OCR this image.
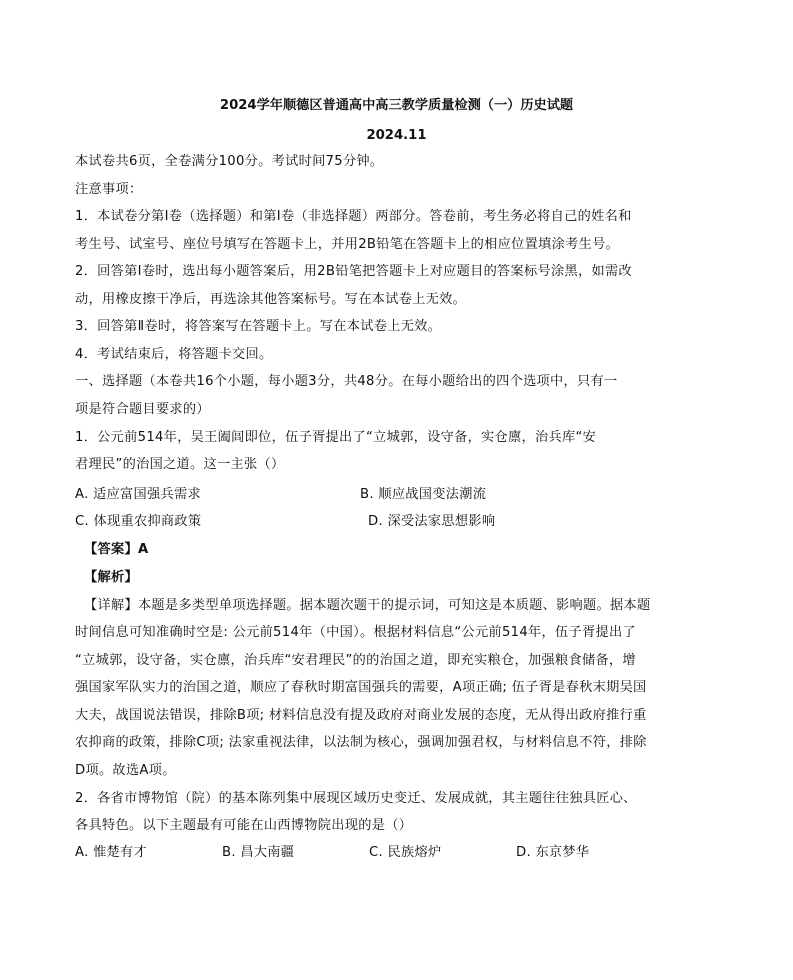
2024学年顺德区普通高中高三教学质量检测（一）历史试题
2024.11
本试卷共6页，全卷满分100分。考试时间75分钟。
注意事项：
1．本试卷分第Ⅰ卷（选择题）和第Ⅰ卷（非选择题）两部分。答卷前，考生务必将自己的姓名和
考生号、试室号、座位号填写在答题卡上，并用2B铅笔在答题卡上的相应位置填涂考生号。
2．回答第Ⅰ卷时，选出每小题答案后，用2B铅笔把答题卡上对应题目的答案标号涂黑，如需改
动，用橡皮擦干净后，再选涂其他答案标号。写在本试卷上无效。
3．回答第Ⅱ卷时，将答案写在答题卡上。写在本试卷上无效。
4．考试结束后，将答题卡交回。
一、选择题（本卷共16个小题，每小题3分，共48分。在每小题给出的四个选项中，只有一
项是符合题目要求的）
1．公元前514年，吴王阖闾即位，伍子胥提出了“立城郭，设守备，实仓廪，治兵库“安
君理民”的治国之道。这一主张（）
A. 适应富国强兵需求	B. 顺应战国变法潮流
C. 体现重农抑商政策	D. 深受法家思想影响
【答案】A
【解析】
【详解】本题是多类型单项选择题。据本题次题干的提示词，可知这是本质题、影响题。据本题
时间信息可知准确时空是: 公元前514年（中国）。根据材料信息“公元前514年，伍子胥提出了
“立城郭，设守备，实仓廪，治兵库“安君理民”的的治国之道，即充实粮仓，加强粮食储备，增
强国家军队实力的治国之道，顺应了春秋时期富国强兵的需要，A项正确; 伍子胥是春秋末期吴国
大夫，战国说法错误，排除B项; 材料信息没有提及政府对商业发展的态度，无从得出政府推行重
农抑商的政策，排除C项; 法家重视法律，以法制为核心，强调加强君权，与材料信息不符，排除
D项。故选A项。
2．各省市博物馆（院）的基本陈列集中展现区域历史变迁、发展成就，其主题往往独具匠心、
各具特色。以下主题最有可能在山西博物院出现的是（）
A. 惟楚有才	B. 昌大南疆	C. 民族熔炉	D. 东京梦华
